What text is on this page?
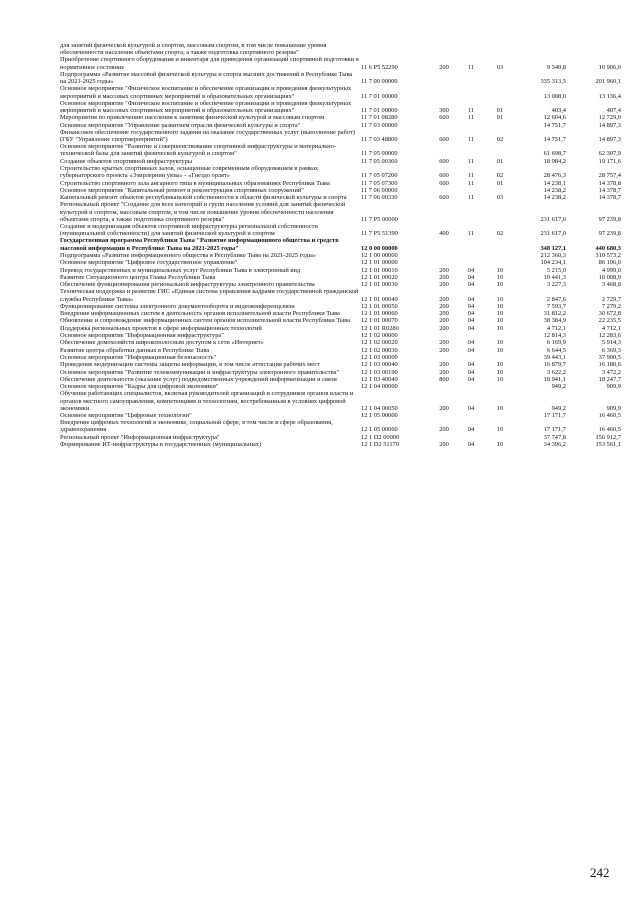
для занятий физической культурой и спортом, массовым спортом, в том числе повышение уровня обеспеченности населения объектами спорта, а также подготовка спортивного резерва"
Приобретение спортивного оборудования и инвентаря для приведения организаций спортивной подготовки в нормативное состояние	11 6 P5 52290	200	11	03	9 349,8	10 906,0
Подпрограмма «Развитие массовой физической культуры и спорта высших достижений в Республике Тыва на 2021-2025 годы»	11 7 00 00000	335 313,5	201 960,1
Основное мероприятие "Физическое воспитание и обеспечение организации и проведения физкультурных мероприятий и массовых спортивных мероприятий в образовательных организациях"	11 7 01 00000	13 008,0	13 136,4
Основное мероприятие "Физическое воспитание и обеспечение организации и проведения физкультурных мероприятий и массовых спортивных мероприятий в образовательных организациях"	11 7 01 00000	300	11	01	403,4	407,4
Мероприятия по привлечению населения к занятиям физической культурой и массовым спортом	11 7 01 08280	600	11	01	12 604,6	12 729,0
Основное мероприятие "Управление развитием отрасли физической культуры и спорта"	11 7 03 00000	14 751,7	14 897,3
Финансовое обеспечение государственного задания на оказание государственных услуг (выполнение работ) (ГБУ "Управление спортмероприятий")	11 7 03 48800	600	11	02	14 751,7	14 897,3
Основное мероприятие "Развитие и совершенствование спортивной инфраструктуры и материально-технической базы для занятий физической культурой и спортом"	11 7 05 00000	61 698,7	62 307,9
Создание объектов спортивной инфраструктуры	11 7 05 00360	600	11	01	18 984,2	19 171,6
Строительство крытых спортивных залов, оснащенные современным оборудованием в рамках губернаторского проекта «Эзирлернин уязы» - «Гнездо орлят»	11 7 05 07200	600	11	02	28 476,3	28 757,4
Строительство спортивного зала ангарного типа в муниципальных образованиях Республики Тыва	11 7 05 07300	600	11	01	14 238,1	14 378,8
Основное мероприятие "Капитальный ремонт и реконструкция спортивных сооружений"	11 7 06 00000	14 238,2	14 378,7
Капитальный ремонт объектов республиканской собственности в области физической культуры и спорта	11 7 06 00330	600	11	03	14 238,2	14 378,7
Региональный проект "Создание для всех категорий и групп населения условий для занятий физической культурой и спортом, массовым спортом, в том числе повышение уровня обеспеченности населения объектами спорта, а также подготовка спортивного резерва"	11 7 P5 00000	231 617,0	97 239,8
Создание и модернизация объектов спортивной инфраструктуры региональной собственности (муниципальной собственности) для занятий физической культурой и спортом	11 7 P5 51390	400	11	02	231 617,0	97 239,8
Государственная программа Республики Тыва "Развитие информационного общества и средств массовой информации в Республике Тыва на 2021-2025 годы"	12 0 00 00000	348 127,1	440 680,3
Подпрограмма «Развитие информационного общества в Республике Тыва на 2021-2025 годы»	12 1 00 00000	212 360,3	310 573,2
Основное мероприятие "Цифровое государственное управление"	12 1 01 00000	104 234,1	86 106,0
Перевод государственных и муниципальных услуг Республики Тыва в электронный вид	12 1 01 00010	200	04	10	5 215,0	4 999,0
Развитие Ситуационного центра Главы Республики Тыва	12 1 01 00020	200	04	10	10 441,3	10 008,9
Обеспечение функционирования региональной инфраструктуры электронного правительства	12 1 01 00030	200	04	10	3 227,3	3 468,8
Техническая поддержка и развитие ГИС «Единая система управления кадрами государственной гражданской службы Республики Тыва»	12 1 01 00040	200	04	10	2 847,6	2 729,7
Функционирование системы электронного документооборота и видеоконференцсвязи	12 1 01 00050	200	04	10	7 593,7	7 279,2
Внедрение информационных систем в деятельность органов исполнительной власти Республики Тыва	12 1 01 00060	200	04	10	31 812,2	30 672,8
Обновление и сопровождение информационных систем органов исполнительной власти Республики Тыва	12 1 01 00070	200	04	10	38 384,9	22 235,5
Поддержка региональных проектов в сфере информационных технологий	12 1 01 R0280	200	04	10	4 712,1	4 712,1
Основное мероприятие "Информационная инфраструктура"	12 1 02 00000	12 814,3	12 283,6
Обеспечение домохозяйств широкополосным доступом к сети «Интернет»	12 1 02 00020	200	04	10	6 169,9	5 914,3
Развитие центра обработки данных в Республике Тыва	12 1 02 00030	200	04	10	6 644,5	6 369,3
Основное мероприятие "Информационная безопасность"	12 1 03 00000	39 443,1	37 900,5
Проведение модернизации системы защиты информации, в том числе аттестация рабочих мест	12 1 03 00040	200	04	10	16 879,7	16 180,6
Основное мероприятие "Развитие телекоммуникации и инфраструктуры электронного правительства"	12 1 03 00190	200	04	10	3 622,2	3 472,2
Обеспечение деятельности (оказание услуг) подведомственных учреждений информатизации и связи	12 1 03 40040	800	04	10	18 941,1	18 247,7
Основное мероприятие "Кадры для цифровой экономики"	12 1 04 00000	949,2	909,9
Обучение работающих специалистов, включая руководителей организаций и сотрудников органов власти и органов местного самоуправления, компетенциям и технологиям, востребованным в условиях цифровой экономики	12 1 04 00050	200	04	10	949,2	909,9
Основное мероприятие "Цифровые технологии"	12 1 05 00000	17 171,7	16 460,5
Внедрение цифровых технологий в экономике, социальной сфере, в том числе в сфере образования, здравоохранения	12 1 05 00060	200	04	10	17 171,7	16 460,5
Региональный проект "Информационная инфраструктура"	12 1 D2 00000	37 747,8	156 912,7
Формирование ИТ-инфраструктуры в государственных (муниципальных)	12 1 D2 51170	200	04	10	34 396,2	153 561,1
242
